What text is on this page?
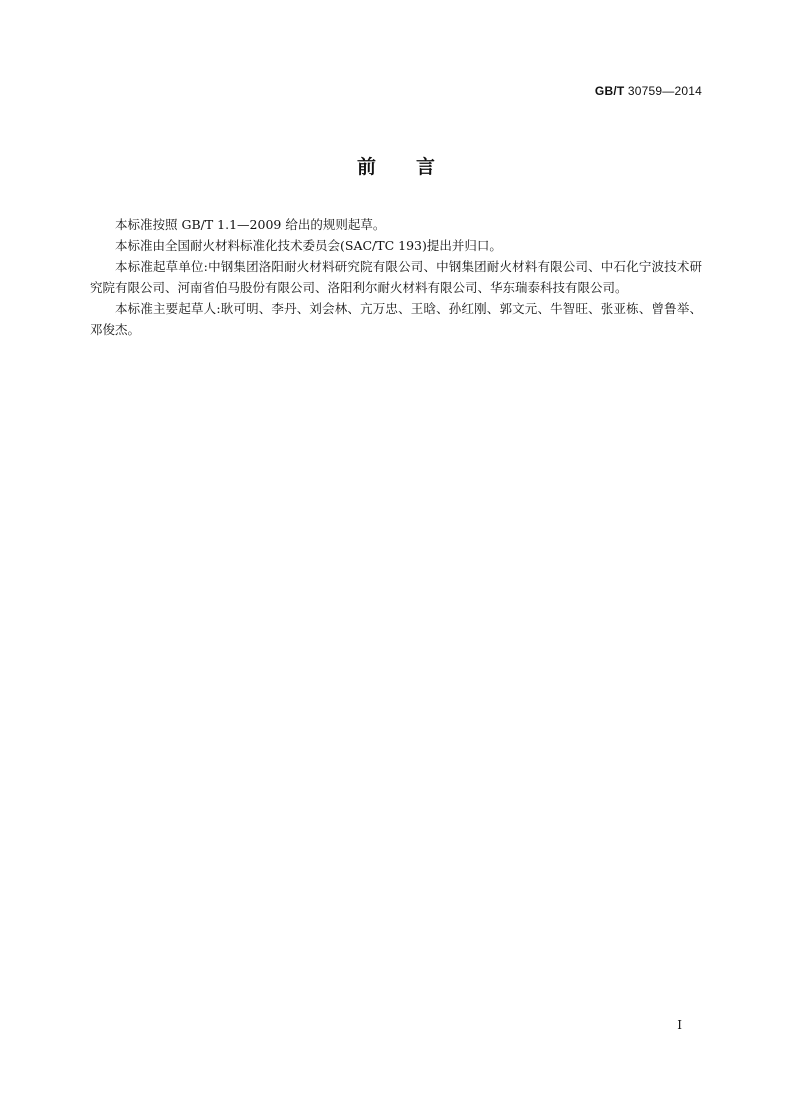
GB/T 30759—2014
前言

本标准按照 GB/T 1.1—2009 给出的规则起草。

本标准由全国耐火材料标准化技术委员会(SAC/TC 193)提出并归口。

本标准起草单位:中钢集团洛阳耐火材料研究院有限公司、中钢集团耐火材料有限公司、中石化宁波技术研究院有限公司、河南省伯马股份有限公司、洛阳利尔耐火材料有限公司、华东瑞泰科技有限公司。

本标准主要起草人:耿可明、李丹、刘会林、亢万忠、王晗、孙红刚、郭文元、牛智旺、张亚栋、曾鲁举、邓俊杰。

I
